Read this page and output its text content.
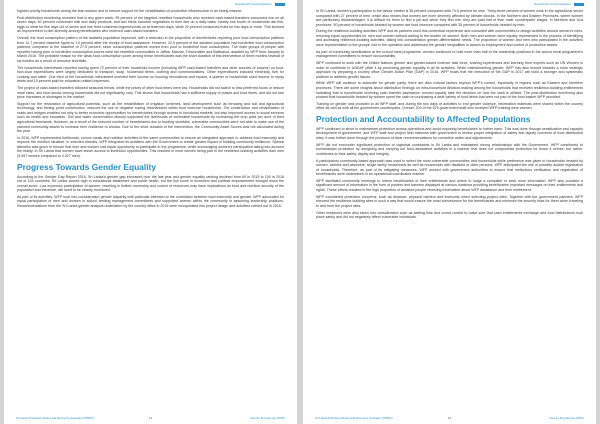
Household Food Acquisition

highest priority households during the lean season and to ensure support for the rehabilitation of productive infrastructure in an timely manner.

Post-distribution monitoring revealed that in any given week, 95 percent of the targeted resettled households who received cash-based transfers consumed rice on all seven days, 60 percent consumed milk and dairy products, and two thirds included vegetables to their diet on a daily basis. Nearly one fourth of households ate fish, eggs or meat for five days out of seven and one third consumed legumes/nuts on at least two days, while 20 percent consumed fruits for two days or more. This showed an improvement in diet diversity among beneficiaries who received cash-based transfers.

Overall, the food consumption pattern of the assisted population improved, with a reduction in the proportion of beneficiaries reporting poor food consumption patterns from 12.7 percent baseline figure to 1.0 percent after the receipt of food assistance. However, 22.9 percent of the assisted population had borderline food consumption patterns, compared to the baseline of 27.9 percent, since consumption patterns moved from poor to borderline food consumption. The main groups of people with reported having poor or borderline consumption scores were the resettled communities in Jaffna, Mannar, Trincomalee and Batticaloa, assisted by WFP from January to March 2016. The probable reason for the weak food consumption score among these beneficiaries was the short duration of this intervention of three months instead of six months as a result of resource shortfalls.

The households interviewed reported having spent 72 percent of their household income (including WFP cash-based transfers and other sources of income) on food. Non-food expenditures were largely dedicated to transport, soap, household items, clothing and communications. Other expenditures included electricity, fuel for cooking and water. One third of the households interviewed invested their income on housing renovations and repairs, a quarter of households used income to repay debts and 10 percent paid for education-related expenses.

The project of cash-based transfers followed seasonal trends, while the prices of other food items were low. Households did not switch to less preferred foods or reduce meal sizes, and food stocks among households did not significantly vary. This shows that households had a sufficient supply of pulses and food items, and did not see price increases or shortages in the market.

Support for the restoration of agricultural potential, such as the rehabilitation of irrigation schemes, land development such as terracing and soil and agricultural technology, and fishing pond construction, reduced the use of negative coping mechanisms within food insecure households. The construction and rehabilitation of roads and bridges enabled not only to better economic opportunities for beneficiaries through access to functional markets, but also improved access to social services such as health and education. Soil and water conservation directly supported the livelihoods of vulnerable households by increasing the crop yield per acre of their agricultural farmlands. However, as a result of the reduced number of beneficiaries due to funding shortfalls, vulnerable communities were not able to make use of the planned community assets to increase their resilience to shocks. Due to the short duration of the intervention, the Community Asset Scores was not calculated during the year.

In 2016, WFP implemented livelihoods, school meals and nutrition activities in the same communities to ensure an integrated approach to address food insecurity and improve the nutrition situation. In selected districts, WFP integrated its activities with the Government to create greater impact in building community resilience. Special attention was given to ensure that men and women had equal opportunity to participate in the programme, while encouraging women’s participation taking into account the reality. In Sri Lanka that women have lesser access to livelihood opportunities. This resulted in more women being part in the resilience-building activities than men (5,557 women compared to 4,927 men).

Progress Towards Gender Equality

According to the Gender Gap Report 2016, Sri Lanka’s gender gap increased over the last year and gender equality ranking declined from 84 in 2015 to 100 in 2016 out of 144 countries. Sri Lanka scored high in educational attainment and public health, but the low score in economic and political empowerment brought down the overall score. Low economic participation of women, resulting in limited ownership and control of resources may have implications on food and nutrition security of the population and therefore, will need to be closely monitored.

As part of its activities, WFP took into consideration gender disparity with particular attention to the correlation between food insecurity and gender. WFP advocated for equal participation of men and women in school feeding management committees and supported women within the community in assuming leadership positions. Recommendations from the Sri Lanka gender analysis undertaken by the country office in 2015 were incorporated into project design and activities carried out in 2016.

Sri Lanka Protracted Relief and Recovery Operation (PRRO)	14	Country Programme (2016)
Household Food Acquisition

In Sri Lanka, women’s participation in the labour market is 35 percent compared with 74.6 percent for men. Thirty-three percent of women work in the agricultural sector compared with 27 percent of men, which also means that women are more severely affected by climate shocks. In the Northern and Eastern Provinces, where women are particularly disadvantaged, it is difficult for them to find a job and when they find one, they are paid half of their male counterparts’ wages. In Northern and Uva provinces, 50 percent of households headed by women are food insecure compared with 35 percent of households headed by men.

During the resilience-building activities WFP and its partners used this contextual experience and consulted with communities to design activities around women’s roles, ensuring equal opportunities for men and women without adding to the burden on women. Both men and women were equally represented in the process of identifying and accessing resilience-building activities, taking into consideration gender-differentiated needs. The proportion of women and men who participated in the activities were representative to the groups’ role in the operation and addressed the gender inequalities in access to employment and control of productive assets.

As part of community sensitization at the school meal programme, women continued to hold more than half of the leadership positions in the school meal programme’s management committees to ensure accountability.

WFP continued to work with the United Nations gender and gender-based violence task force, sharing experiences and learning from experts such as UN Women in order to contribute to UNDAF pillar 4 by promoting gender equality in all its activities. While mainstreaming gender, WFP has also moved towards a more strategic approach by preparing a country office Gender Action Plan (GAP) in 2016. WFP trusts that the execution of the GAP in 2017 will build a stronger and systematic platform to address gender issues.

While WFP will continue to advocate for gender parity, there are also cultural factors beyond WFP’s control, especially in regions such as Eastern and Northern provinces. There are some insights about distribution findings on intra-household decision-making among the households that received resilience-building entitlements indicating that in households receiving cash transfer assistance, women equally take the decision on how the cash is utilized. The post-distribution monitoring also showed that households headed by women spent the cash on purchasing a wide variety of food items that were not part of the food basket WFP provided.

Training on gender was provided to all WFP staff, and during the two days of activities to end gender violence, information materials were shared within the country office as well as with all the government counterparts. Overall, 303 of the 675 government staff who received WFP training were women.

Protection and Accountability to Affected Populations

WFP continued to strive to mainstream protection across operations and avoid exposing beneficiaries to further harm. This was done through sensitization and capacity development of government, and WFP staff and project field missions with government to review proper integration of safety and dignity concerns of food distribution sites. It was further done through the provision of clear recommendations for corrective action and adjustments.

WFP did not encounter significant protection or logistical constraints in Sri Lanka and maintained strong relationships with the Government. WFP contributed to humanitarian protection by designing and carrying out food assistance activities in a manner that does not compromise protection for those it serves, but rather, contributes to their safety, dignity and integrity.

A participatory community-based approach was used to select the most vulnerable communities and households while preference was given to households headed by women, widows and widowers, single family households as well as households with disabled or older persons. WFP anticipated the risk of possible double registration of households. Therefore, as part of its mitigating measures, WFP worked with government authorities to ensure that meticulous verification and registration of beneficiaries were undertaken in an operational coordinated manner.

WFP facilitated community meetings to inform beneficiaries of their entitlements and where to lodge a complaint or seek more information. WFP also provided a significant amount of information in the form of posters and banners displayed at various locations providing beneficiaries important messages on their entitlements and rights. These efforts resulted in the high proportion of assisted people receiving information about WFP assistance and their entitlement.

WFP considered protection concerns, such as distance, physical barriers and insecurity when selecting project sites. Together with the government partners, WFP ensured the resilience-building sites in such a way that would ensure the most convenience for the beneficiaries and minimize the security risks for them when traveling to and from the project sites.

Other measures were also taken into consideration such as waiting time and crowd control to make sure that cash entitlements exchange and food distributions took place safely and did not negatively affect vulnerable individuals.

Sri Lanka Protracted Relief and Recovery Operation (PRRO)	15	Country Programme (2016)
